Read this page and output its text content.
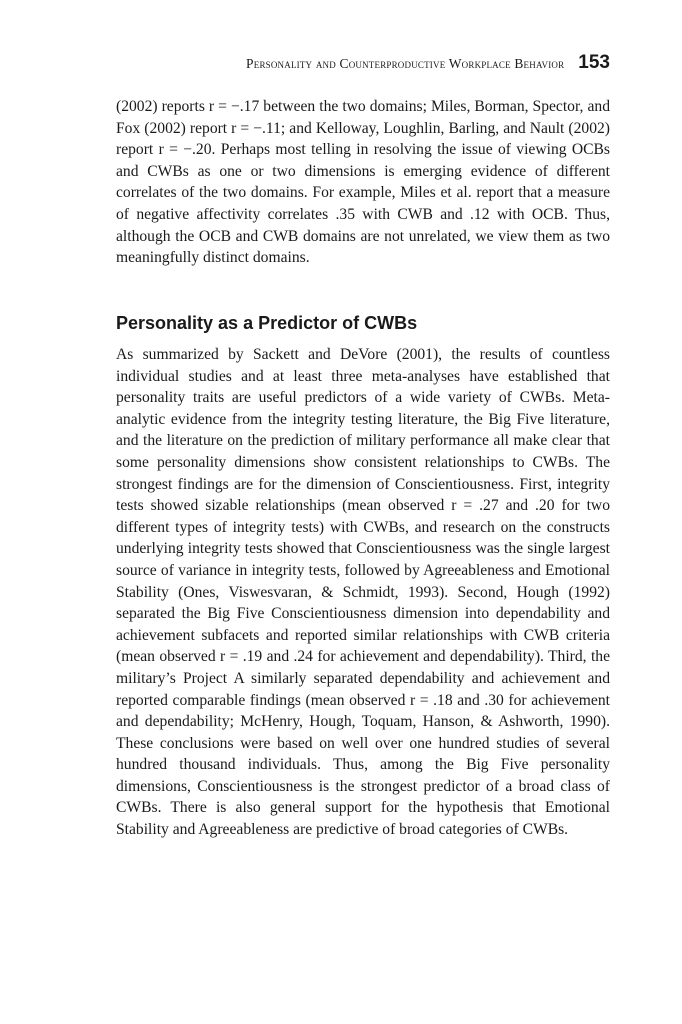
Personality and Counterproductive Workplace Behavior 153

(2002) reports r = −.17 between the two domains; Miles, Borman, Spector, and Fox (2002) report r = −.11; and Kelloway, Loughlin, Barling, and Nault (2002) report r = −.20. Perhaps most telling in resolving the issue of viewing OCBs and CWBs as one or two dimensions is emerging evidence of different correlates of the two domains. For example, Miles et al. report that a measure of negative affectivity correlates .35 with CWB and .12 with OCB. Thus, although the OCB and CWB domains are not unrelated, we view them as two meaningfully distinct domains.

Personality as a Predictor of CWBs

As summarized by Sackett and DeVore (2001), the results of countless individual studies and at least three meta-analyses have established that personality traits are useful predictors of a wide variety of CWBs. Meta-analytic evidence from the integrity testing literature, the Big Five literature, and the literature on the prediction of military performance all make clear that some personality dimensions show consistent relationships to CWBs. The strongest findings are for the dimension of Conscientiousness. First, integrity tests showed sizable relationships (mean observed r = .27 and .20 for two different types of integrity tests) with CWBs, and research on the constructs underlying integrity tests showed that Conscientiousness was the single largest source of variance in integrity tests, followed by Agreeableness and Emotional Stability (Ones, Viswesvaran, & Schmidt, 1993). Second, Hough (1992) separated the Big Five Conscientiousness dimension into dependability and achievement subfacets and reported similar relationships with CWB criteria (mean observed r = .19 and .24 for achievement and dependability). Third, the military’s Project A similarly separated dependability and achievement and reported comparable findings (mean observed r = .18 and .30 for achievement and dependability; McHenry, Hough, Toquam, Hanson, & Ashworth, 1990). These conclusions were based on well over one hundred studies of several hundred thousand individuals. Thus, among the Big Five personality dimensions, Conscientiousness is the strongest predictor of a broad class of CWBs. There is also general support for the hypothesis that Emotional Stability and Agreeableness are predictive of broad categories of CWBs.
